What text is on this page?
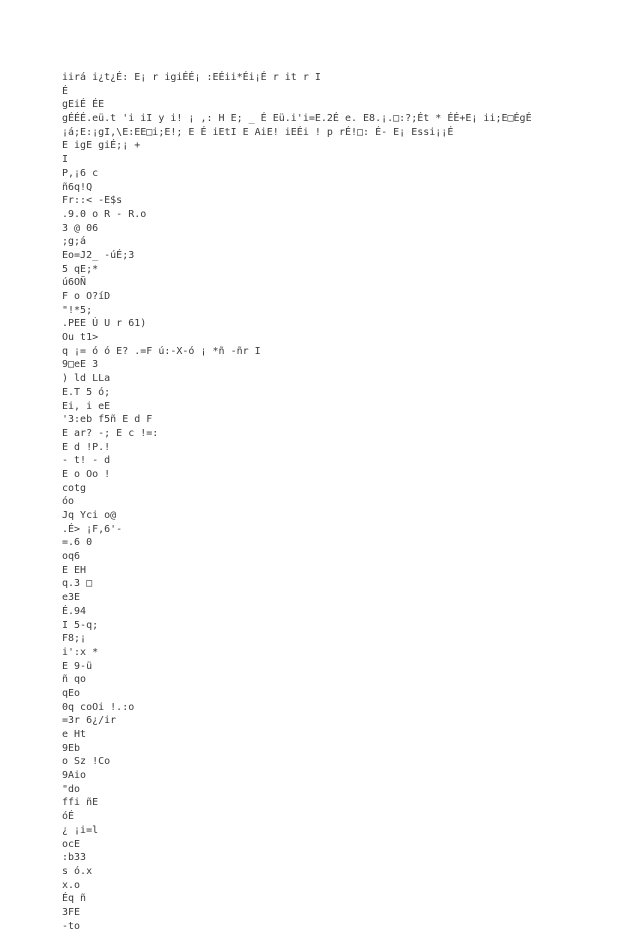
iirá i¿t¿É: E¡ r igiÉÉ¡ :EÉii*Éi¡É r it r I
É
gEiÉ ÉE
gÉÉÉ.eü.t 'i iI y i! ¡ ,: H E; _ É Eü.i'i=E.2É e. E8.¡.□:?;Ét * ÉÉ+E¡ ii;E□ÉgÉ
¡á;E:¡gI,\E:EE□i;E!; E É iEtI E AiE! iEÉi ! p rÉ!□: É- E¡ Essi¡¡É
E igE giÉ;¡ +
I
P,¡6 c
ñ6q!Q
Fr::< -E$s
.9.0 o R - R.o
3 @ 06
;g;á
Eo=J2_ -úÉ;3
5 qE;*
ú6OÑ
F o O?íD
"!*5;
.PEE Ú U r 61)
Ou t1>
q ¡= ó ó E? .=F ú:-X-ó ¡ *ñ -ñr I
9□eE 3
) ld LLa
E.T 5 ó;
Ei, i eE
'3:eb f5ñ E d F
E ar? -; E c !=:
E d !P.!
- t! - d
E o Oo !
cotg
óo
Jq Yci o@
.É> ¡F,6'-
=.6 0
oq6
E EH
q.3 □
e3E
É.94
I 5-q;
F8;¡
i':x *
E 9-ü
ñ qo
qEo
0q coOi !.:o
=3r 6¿/ir
e Ht
9Eb
o Sz !Co
9Aio
"do
ffi ñE
óÉ
¿ ¡i=l
ocE
:b33
s ó.x
x.o
Éq ñ
3FE
-to
